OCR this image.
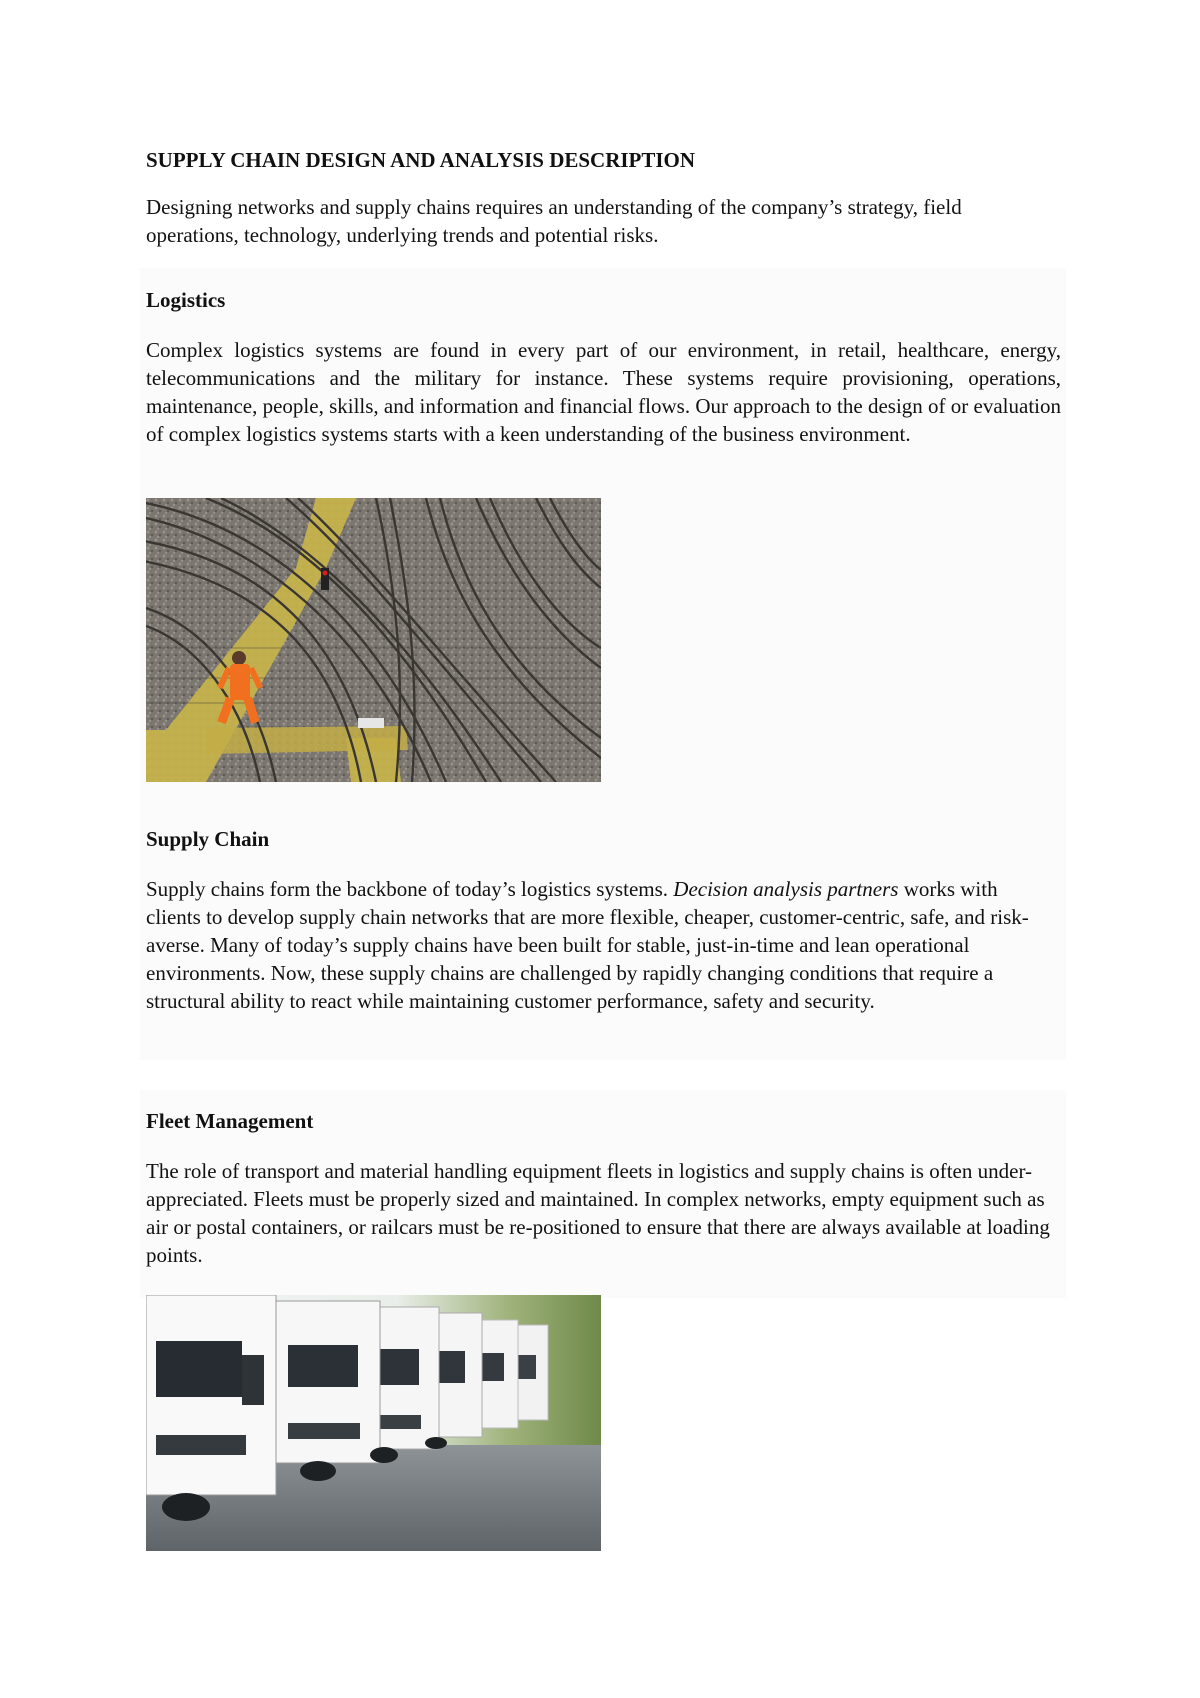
SUPPLY CHAIN DESIGN AND ANALYSIS DESCRIPTION

Designing networks and supply chains requires an understanding of the company’s strategy, field operations, technology, underlying trends and potential risks.

Logistics

Complex logistics systems are found in every part of our environment, in retail, healthcare, energy, telecommunications and the military for instance. These systems require provisioning, operations, maintenance, people, skills, and information and financial flows. Our approach to the design of or evaluation of complex logistics systems starts with a keen understanding of the business environment.

Supply Chain

Supply chains form the backbone of today’s logistics systems. Decision analysis partners works with clients to develop supply chain networks that are more flexible, cheaper, customer-centric, safe, and risk-averse. Many of today’s supply chains have been built for stable, just-in-time and lean operational environments. Now, these supply chains are challenged by rapidly changing conditions that require a structural ability to react while maintaining customer performance, safety and security.

Fleet Management

The role of transport and material handling equipment fleets in logistics and supply chains is often under-appreciated. Fleets must be properly sized and maintained. In complex networks, empty equipment such as air or postal containers, or railcars must be re-positioned to ensure that there are always available at loading points.
